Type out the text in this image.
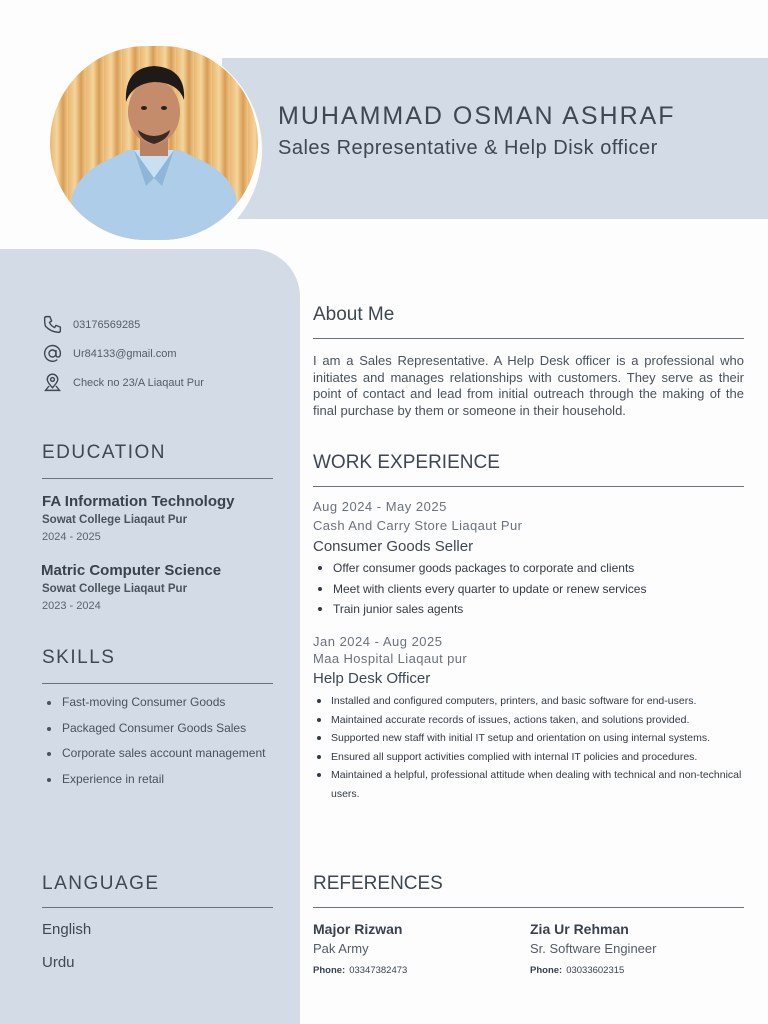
MUHAMMAD OSMAN ASHRAF
Sales Representative & Help Disk officer
03176569285
Ur84133@gmail.com
Check no 23/A Liaqaut Pur
EDUCATION
FA Information Technology
Sowat College Liaqaut Pur
2024 - 2025
Matric Computer Science
Sowat College Liaqaut Pur
2023 - 2024
SKILLS
Fast-moving Consumer Goods
Packaged Consumer Goods Sales
Corporate sales account management
Experience in retail
LANGUAGE
English
Urdu
About Me
I am a Sales Representative. A Help Desk officer is a professional who initiates and manages relationships with customers. They serve as their point of contact and lead from initial outreach through the making of the final purchase by them or someone in their household.
WORK EXPERIENCE
Aug 2024 - May 2025
Cash And Carry Store Liaqaut Pur
Consumer Goods Seller
Offer consumer goods packages to corporate and clients
Meet with clients every quarter to update or renew services
Train junior sales agents
Jan 2024 - Aug 2025
Maa Hospital Liaqaut pur
Help Desk Officer
Installed and configured computers, printers, and basic software for end-users.
Maintained accurate records of issues, actions taken, and solutions provided.
Supported new staff with initial IT setup and orientation on using internal systems.
Ensured all support activities complied with internal IT policies and procedures.
Maintained a helpful, professional attitude when dealing with technical and non-technical users.
REFERENCES
Major Rizwan
Pak Army
Phone: 03347382473
Zia Ur Rehman
Sr. Software Engineer
Phone: 03033602315
